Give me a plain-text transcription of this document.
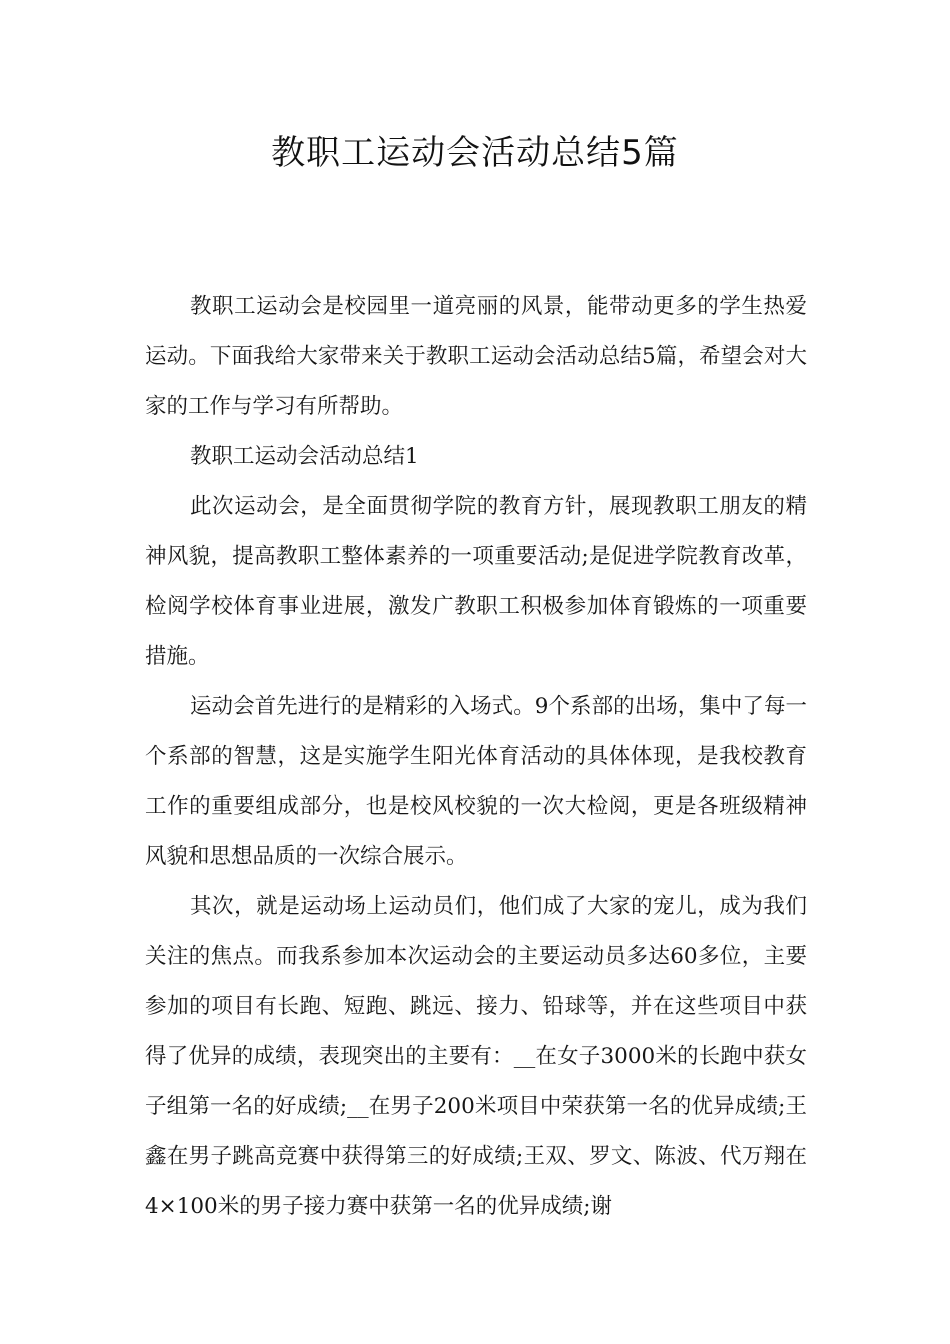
教职工运动会活动总结5篇

教职工运动会是校园里一道亮丽的风景，能带动更多的学生热爱运动。下面我给大家带来关于教职工运动会活动总结5篇，希望会对大家的工作与学习有所帮助。

教职工运动会活动总结1

此次运动会，是全面贯彻学院的教育方针，展现教职工朋友的精神风貌，提高教职工整体素养的一项重要活动;是促进学院教育改革，检阅学校体育事业进展，激发广教职工积极参加体育锻炼的一项重要措施。

运动会首先进行的是精彩的入场式。9个系部的出场，集中了每一个系部的智慧，这是实施学生阳光体育活动的具体体现，是我校教育工作的重要组成部分，也是校风校貌的一次大检阅，更是各班级精神风貌和思想品质的一次综合展示。

其次，就是运动场上运动员们，他们成了大家的宠儿，成为我们关注的焦点。而我系参加本次运动会的主要运动员多达60多位，主要参加的项目有长跑、短跑、跳远、接力、铅球等，并在这些项目中获得了优异的成绩，表现突出的主要有：__在女子3000米的长跑中获女子组第一名的好成绩;__在男子200米项目中荣获第一名的优异成绩;王鑫在男子跳高竞赛中获得第三的好成绩;王双、罗文、陈波、代万翔在4×100米的男子接力赛中获第一名的优异成绩;谢
